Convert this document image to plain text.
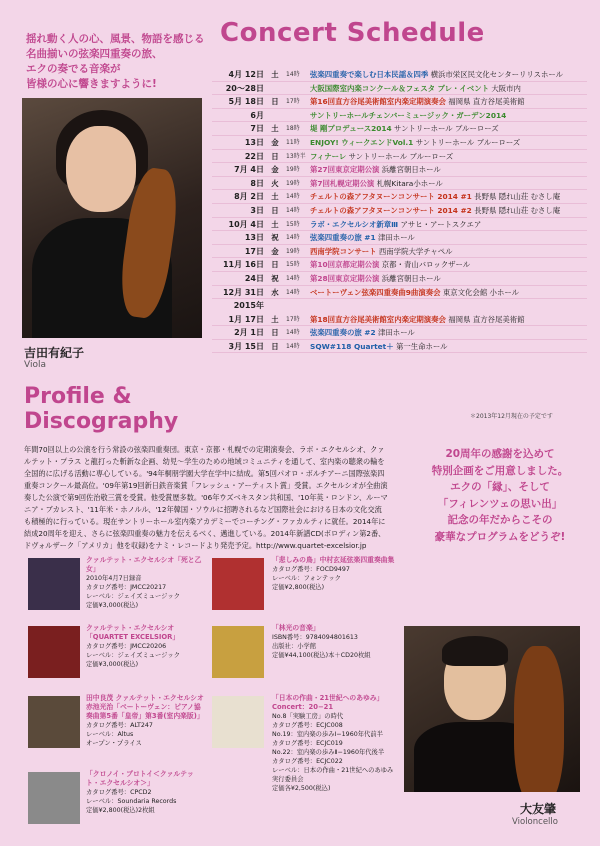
揺れ動く人の心、風景、物語を感じる
名曲揃いの弦楽四重奏の旅、
エクの奏でる音楽が
皆様の心に響きますように!
吉田有紀子
Viola
Concert Schedule
4月 12日 土	14時	弦楽四重奏で楽しむ日本民謡＆四季 横浜市栄区民文化センターリリスホール
20〜28日	大阪国際室内楽コンクール＆フェスタ プレ・イベント 大阪市内
5月 18日 日	17時	第16回直方谷尾美術館室内楽定期演奏会 福岡県 直方谷尾美術館
6月	サントリーホールチェンバーミュージック・ガーデン2014
7日 土	18時	堤 剛プロデュース2014 サントリーホール ブルーローズ
13日 金	11時	ENJOY! ウィークエンドVol.1 サントリーホール ブルーローズ
22日 日	13時半 フィナーレ サントリーホール ブルーローズ
7月 4日 金	19時	第27回東京定期公演 浜離宮朝日ホール
8日 火	19時	第7回札幌定期公演 札幌Kitara小ホール
8月 2日 土	14時	チェルトの森アフタヌーンコンサート 2014 #1 長野県 隠れ山荘 むさし庵
3日 日	14時	チェルトの森アフタヌーンコンサート 2014 #2 長野県 隠れ山荘 むさし庵
10月 4日 土	15時	ラボ・エクセルシオ新章Ⅲ アサヒ・アートスクエア
13日 祝	14時	弦楽四重奏の旅 #1 津田ホール
17日 金	19時	西南学院コンサート 西南学院大学チャペル
11月 16日 日	15時	第10回京都定期公演 京都・青山バロックザール
24日 祝	14時	第28回東京定期公演 浜離宮朝日ホール
12月 31日 水	14時	ベートーヴェン弦楽四重奏曲9曲演奏会 東京文化会館 小ホール
2015年
1月 17日 土	17時	第18回直方谷尾美術館室内楽定期演奏会 福岡県 直方谷尾美術館
2月 1日 日	14時	弦楽四重奏の旅 #2 津田ホール
3月 15日 日	14時	SQW#118 Quartet＋ 第一生命ホール
＊2013年12月現在の予定です
Profile &
Discography
年間70回以上の公演を行う常設の弦楽四重奏団。東京・京都・札幌での定期演奏会、ラボ・エクセルシオ、クァルテット・プラス と龍打った斬新な企画、幼児〜学生のための地域コミュニティを通して、室内楽の聴衆の輪を全国的に広げる活動に専心している。'94年桐朋学園大学在学中に結成。第5回パオロ・ボルチアーニ国際弦楽四重奏コンクール最高位。'09年第19回新日鉄音楽賞「フレッシュ・アーティスト賞」受賞。エクセルシオが全曲演奏した公演で第9回佐治敬三賞を受賞。他受賞歴多数。'06年ウズベキスタン共和国、'10年英・ロンドン、ルーマニア・ブカレスト、'11年米・ホノルル、'12年韓国・ソウルに招聘されるなど国際社会における日本の文化交流も積極的に行っている。現在サントリーホール室内楽アカデミーでコーチング・ファカルティに就任。2014年に結成20周年を迎え、さらに弦楽四重奏の魅力を伝えるべく、邁進している。2014年新譜CD(ボロディン第2番、ドヴォルザーク「アメリカ」他を収録)をナミ・レコードより発売予定。http://www.quartet-excelsior.jp
20周年の感謝を込めて
特別企画をご用意しました。
エクの「縁」、そして
「フィレンツェの思い出」
記念の年だからこその
豪華なプログラムをどうぞ!
クァルテット・エクセルシオ「死と乙女」
2010年4月7日録音
カタログ番号：JMCC20217
レーベル：ジェイズミュージック
定価¥3,000(税込)
クァルテット・エクセルシオ「QUARTET EXCELSIOR」
カタログ番号：JMCC20206
レーベル：ジェイズミュージック
定価¥3,000(税込)
田中良茂 クァルテット・エクセルシオ 赤池光治「ベートーヴェン：ピアノ協奏曲第5番「皇帝」第3番(室内楽版)」
カタログ番号：ALT247
レーベル：Altus
オープン・プライス
「クロノイ・プロトイ＜クァルテット・エクセルシオ＞」
カタログ番号：CPCD2
レーベル：Soundaria Records
定価¥2,800(税込)2枚組
「悲しみの鳥」中村玄延弦楽四重奏曲集
カタログ番号：FOCD9497
レーベル：フォンテック
定価¥2,800(税込)
「林光の音楽」
ISBN番号：9784094801613
出版社：小学館
定価¥44,100(税込)本＋CD20枚組
「日本の作曲・21世紀へのあゆみ」Concert：20−21
No.8「実験工房」の時代
カタログ番号：ECJC008
No.19：室内楽の歩みⅠ−1960年代前半
カタログ番号：ECJC019
No.22：室内楽の歩みⅡ−1960年代後半
カタログ番号：ECJC022
レーベル：日本の作曲・21世紀へのあゆみ実行委員会
定価各¥2,500(税込)
大友肇
Violoncello
